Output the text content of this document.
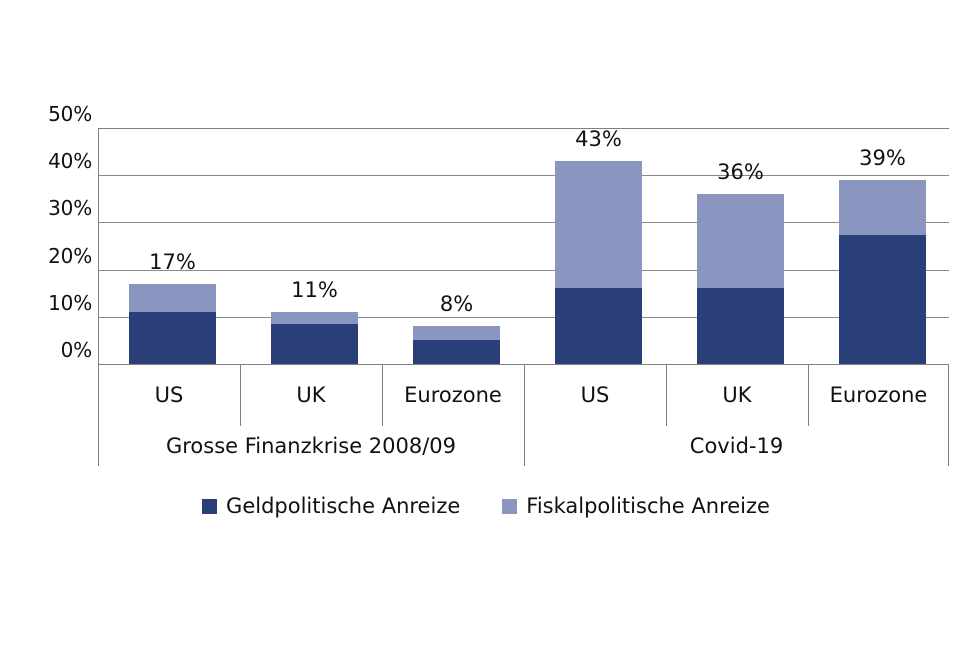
0%
10%
20%
30%
40%
50%
17%
11%
8%
43%
36%
39%
US	UK	Eurozone	US	UK	Eurozone
Grosse Finanzkrise 2008/09	Covid-19
Geldpolitische Anreize	Fiskalpolitische Anreize
